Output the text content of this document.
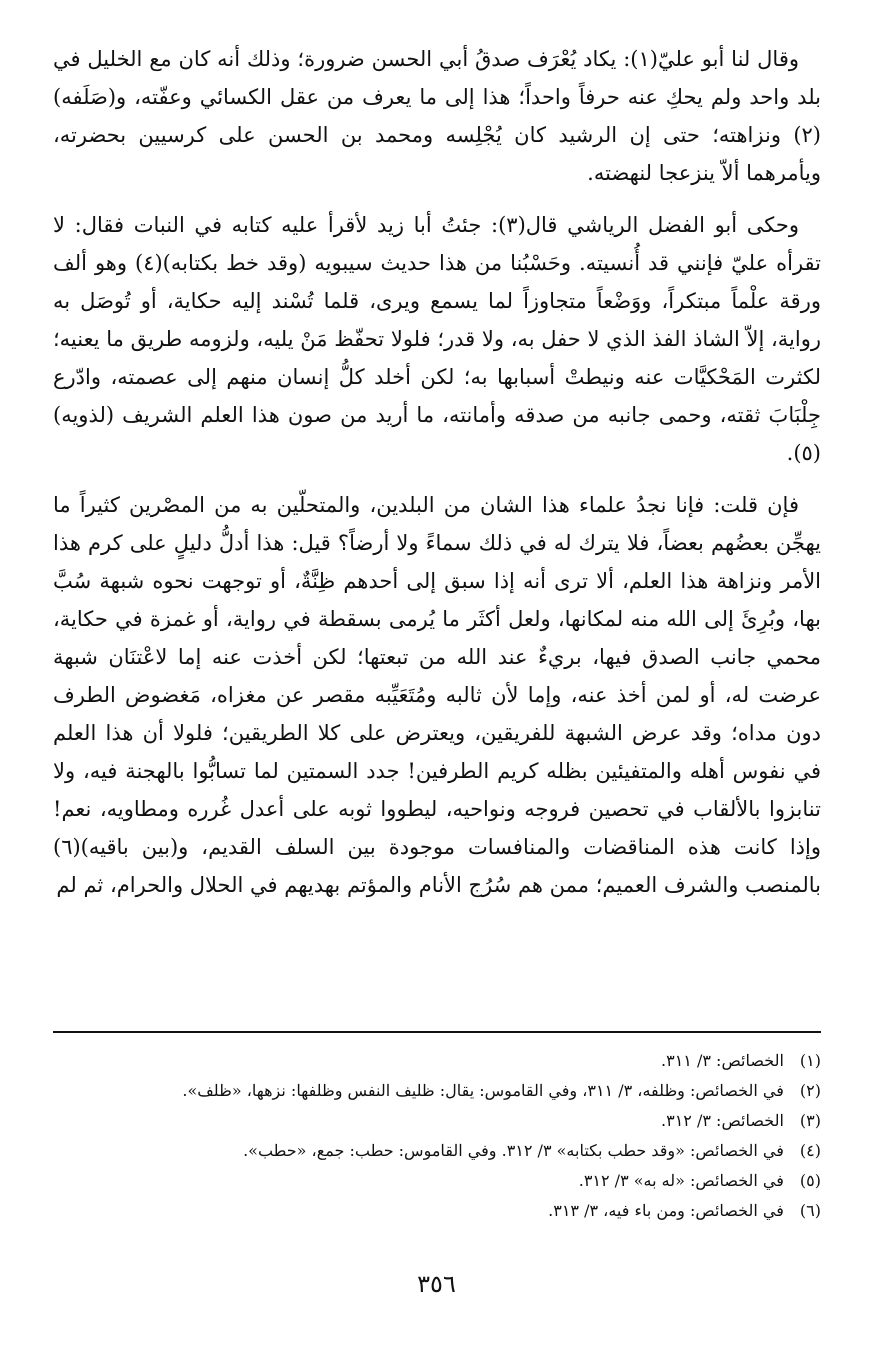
وقال لنا أبو عليّ(١): يكاد يُعْرَف صدقُ أبي الحسن ضرورة؛ وذلك أنه كان مع الخليل في بلد واحد ولم يحكِ عنه حرفاً واحداً؛ هذا إلى ما يعرف من عقل الكسائي وعفّته، و(صَلَفه)(٢) ونزاهته؛ حتى إن الرشيد كان يُجْلِسه ومحمد بن الحسن على كرسيين بحضرته، ويأمرهما ألاّ ينزعجا لنهضته.

وحكى أبو الفضل الرياشي قال(٣): جئتُ أبا زيد لأقرأ عليه كتابه في النبات فقال: لا تقرأه عليّ فإنني قد أُنسيته. وحَسْبُنا من هذا حديث سيبويه (وقد خط بكتابه)(٤) وهو ألف ورقة علْماً مبتكراً، ووَضْعاً متجاوزاً لما يسمع ويرى، قلما تُسْند إليه حكاية، أو تُوصَل به رواية، إلاّ الشاذ الفذ الذي لا حفل به، ولا قدر؛ فلولا تحفّظ مَنْ يليه، ولزومه طريق ما يعنيه؛ لكثرت المَحْكيَّات عنه ونيطتْ أسبابها به؛ لكن أخلد كلُّ إنسان منهم إلى عصمته، وادّرع جِلْبَابَ ثقته، وحمى جانبه من صدقه وأمانته، ما أريد من صون هذا العلم الشريف (لذويه)(٥).

فإن قلت: فإنا نجدُ علماء هذا الشان من البلدين، والمتحلّين به من المصْرين كثيراً ما يهجِّن بعضُهم بعضاً، فلا يترك له في ذلك سماءً ولا أرضاً؟ قيل: هذا أدلُّ دليلٍ على كرم هذا الأمر ونزاهة هذا العلم، ألا ترى أنه إذا سبق إلى أحدهم ظِنَّةٌ، أو توجهت نحوه شبهة سُبَّ بها، وبُرِئَ إلى الله منه لمكانها، ولعل أكثَر ما يُرمى بسقطة في رواية، أو غمزة في حكاية، محمي جانب الصدق فيها، بريءٌ عند الله من تبعتها؛ لكن أخذت عنه إما لاعْتنَان شبهة عرضت له، أو لمن أخذ عنه، وإما لأن ثالبه ومُتَعَيِّبه مقصر عن مغزاه، مَغضوض الطرف دون مداه؛ وقد عرض الشبهة للفريقين، ويعترض على كلا الطريقين؛ فلولا أن هذا العلم في نفوس أهله والمتفيئين بظله كريم الطرفين! جدد السمتين لما تسابُّوا بالهجنة فيه، ولا تنابزوا بالألقاب في تحصين فروجه ونواحيه، ليطووا ثوبه على أعدل غُرره ومطاويه، نعم! وإذا كانت هذه المناقضات والمنافسات موجودة بين السلف القديم، و(بين باقيه)(٦) بالمنصب والشرف العميم؛ ممن هم سُرُج الأنام والمؤتم بهديهم في الحلال والحرام، ثم لم

(١) الخصائص: ٣/ ٣١١.
(٢) في الخصائص: وظلفه، ٣/ ٣١١، وفي القاموس: يقال: ظليف النفس وظلفها: نزهها، «ظلف».
(٣) الخصائص: ٣/ ٣١٢.
(٤) في الخصائص: «وقد حطب بكتابه» ٣/ ٣١٢. وفي القاموس: حطب: جمع، «حطب».
(٥) في الخصائص: «له به» ٣/ ٣١٢.
(٦) في الخصائص: ومن باء فيه، ٣/ ٣١٣.
٣٥٦
